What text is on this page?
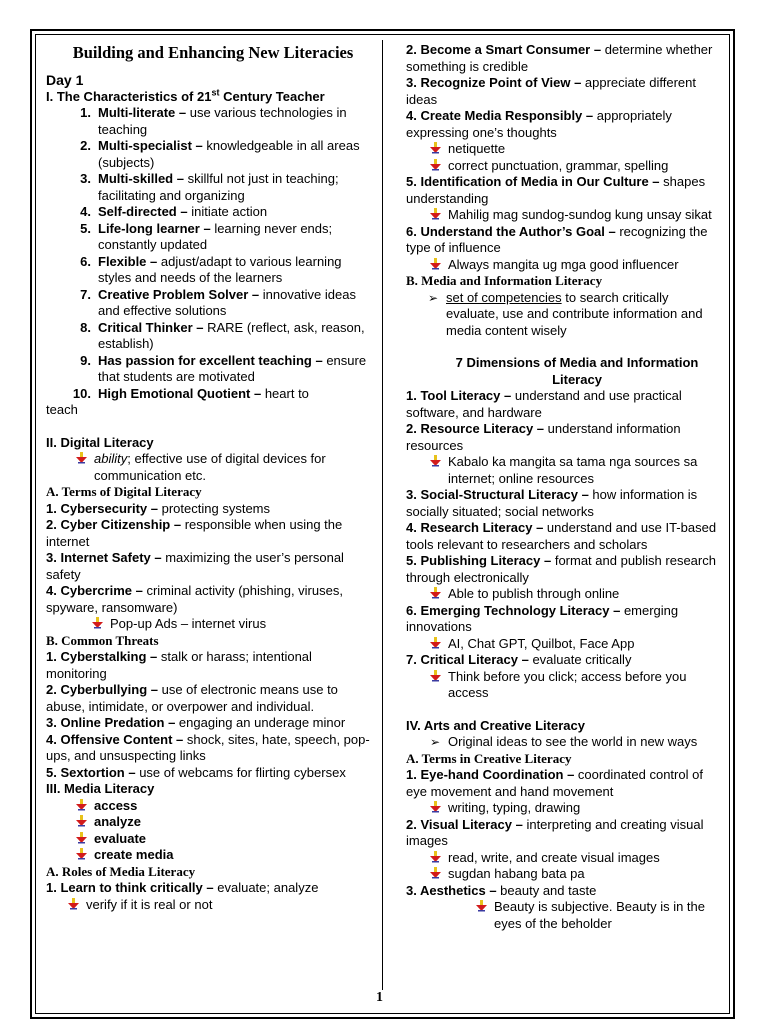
Building and Enhancing New Literacies

Day 1

I. The Characteristics of 21st Century Teacher

1. Multi-literate – use various technologies in teaching
2. Multi-specialist – knowledgeable in all areas (subjects)
3. Multi-skilled – skillful not just in teaching; facilitating and organizing
4. Self-directed – initiate action
5. Life-long learner – learning never ends; constantly updated
6. Flexible – adjust/adapt to various learning styles and needs of the learners
7. Creative Problem Solver – innovative ideas and effective solutions
8. Critical Thinker – RARE (reflect, ask, reason, establish)
9. Has passion for excellent teaching – ensure that students are motivated
10. High Emotional Quotient – heart to

teach

II. Digital Literacy

ability; effective use of digital devices for communication etc.

A. Terms of Digital Literacy

1. Cybersecurity – protecting systems

2. Cyber Citizenship – responsible when using the internet

3. Internet Safety – maximizing the user’s personal safety

4. Cybercrime – criminal activity (phishing, viruses, spyware, ransomware)

Pop-up Ads – internet virus

B. Common Threats

1. Cyberstalking – stalk or harass; intentional monitoring

2. Cyberbullying – use of electronic means use to abuse, intimidate, or overpower and individual.

3. Online Predation – engaging an underage minor

4. Offensive Content – shock, sites, hate, speech, pop-ups, and unsuspecting links

5. Sextortion – use of webcams for flirting cybersex

III. Media Literacy

access
analyze
evaluate
create media

A. Roles of Media Literacy

1. Learn to think critically – evaluate; analyze

verify if it is real or not

2. Become a Smart Consumer – determine whether something is credible

3. Recognize Point of View – appreciate different ideas

4. Create Media Responsibly – appropriately expressing one’s thoughts

netiquette
correct punctuation, grammar, spelling

5. Identification of Media in Our Culture – shapes understanding

Mahilig mag sundog-sundog kung unsay sikat

6. Understand the Author’s Goal – recognizing the type of influence

Always mangita ug mga good influencer

B. Media and Information Literacy

➢ set of competencies to search critically evaluate, use and contribute information and media content wisely

7 Dimensions of Media and Information Literacy

1. Tool Literacy – understand and use practical software, and hardware

2. Resource Literacy – understand information resources

Kabalo ka mangita sa tama nga sources sa internet; online resources

3. Social-Structural Literacy – how information is socially situated; social networks

4. Research Literacy – understand and use IT-based tools relevant to researchers and scholars

5. Publishing Literacy – format and publish research through electronically

Able to publish through online

6. Emerging Technology Literacy – emerging innovations

AI, Chat GPT, Quilbot, Face App

7. Critical Literacy – evaluate critically

Think before you click; access before you access

IV. Arts and Creative Literacy

➢ Original ideas to see the world in new ways

A. Terms in Creative Literacy

1. Eye-hand Coordination – coordinated control of eye movement and hand movement

writing, typing, drawing

2. Visual Literacy – interpreting and creating visual images

read, write, and create visual images
sugdan habang bata pa

3. Aesthetics – beauty and taste

Beauty is subjective. Beauty is in the eyes of the beholder
1
